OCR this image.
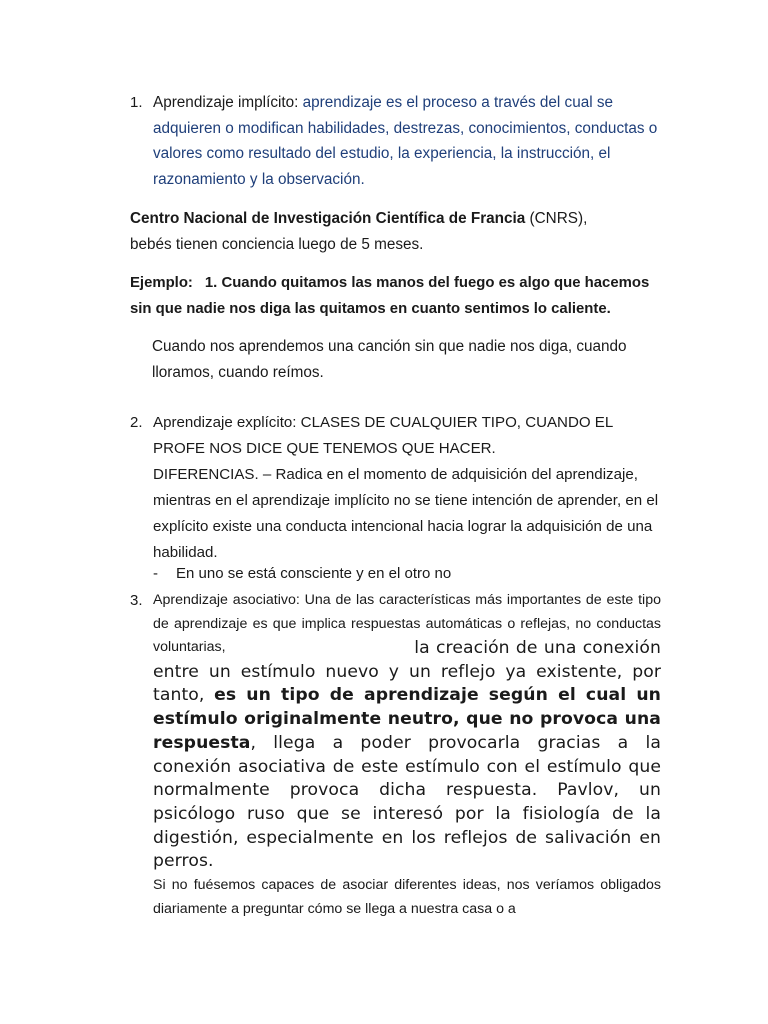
1. Aprendizaje implícito: aprendizaje es el proceso a través del cual se adquieren o modifican habilidades, destrezas, conocimientos, conductas o valores como resultado del estudio, la experiencia, la instrucción, el razonamiento y la observación.
Centro Nacional de Investigación Científica de Francia (CNRS), bebés tienen conciencia luego de 5 meses.
Ejemplo: 1. Cuando quitamos las manos del fuego es algo que hacemos sin que nadie nos diga las quitamos en cuanto sentimos lo caliente.
Cuando nos aprendemos una canción sin que nadie nos diga, cuando lloramos, cuando reímos.
2. Aprendizaje explícito: CLASES DE CUALQUIER TIPO, CUANDO EL PROFE NOS DICE QUE TENEMOS QUE HACER.
DIFERENCIAS. – Radica en el momento de adquisición del aprendizaje, mientras en el aprendizaje implícito no se tiene intención de aprender, en el explícito existe una conducta intencional hacia lograr la adquisición de una habilidad.
- En uno se está consciente y en el otro no
3. Aprendizaje asociativo: Una de las características más importantes de este tipo de aprendizaje es que implica respuestas automáticas o reflejas, no conductas voluntarias,	la creación de una conexión entre un estímulo nuevo y un reflejo ya existente, por tanto, es un tipo de aprendizaje según el cual un estímulo originalmente neutro, que no provoca una respuesta, llega a poder provocarla gracias a la conexión asociativa de este estímulo con el estímulo que normalmente provoca dicha respuesta. Pavlov, un psicólogo ruso que se interesó por la fisiología de la digestión, especialmente en los reflejos de salivación en perros.
Si no fuésemos capaces de asociar diferentes ideas, nos veríamos obligados diariamente a preguntar cómo se llega a nuestra casa o a
